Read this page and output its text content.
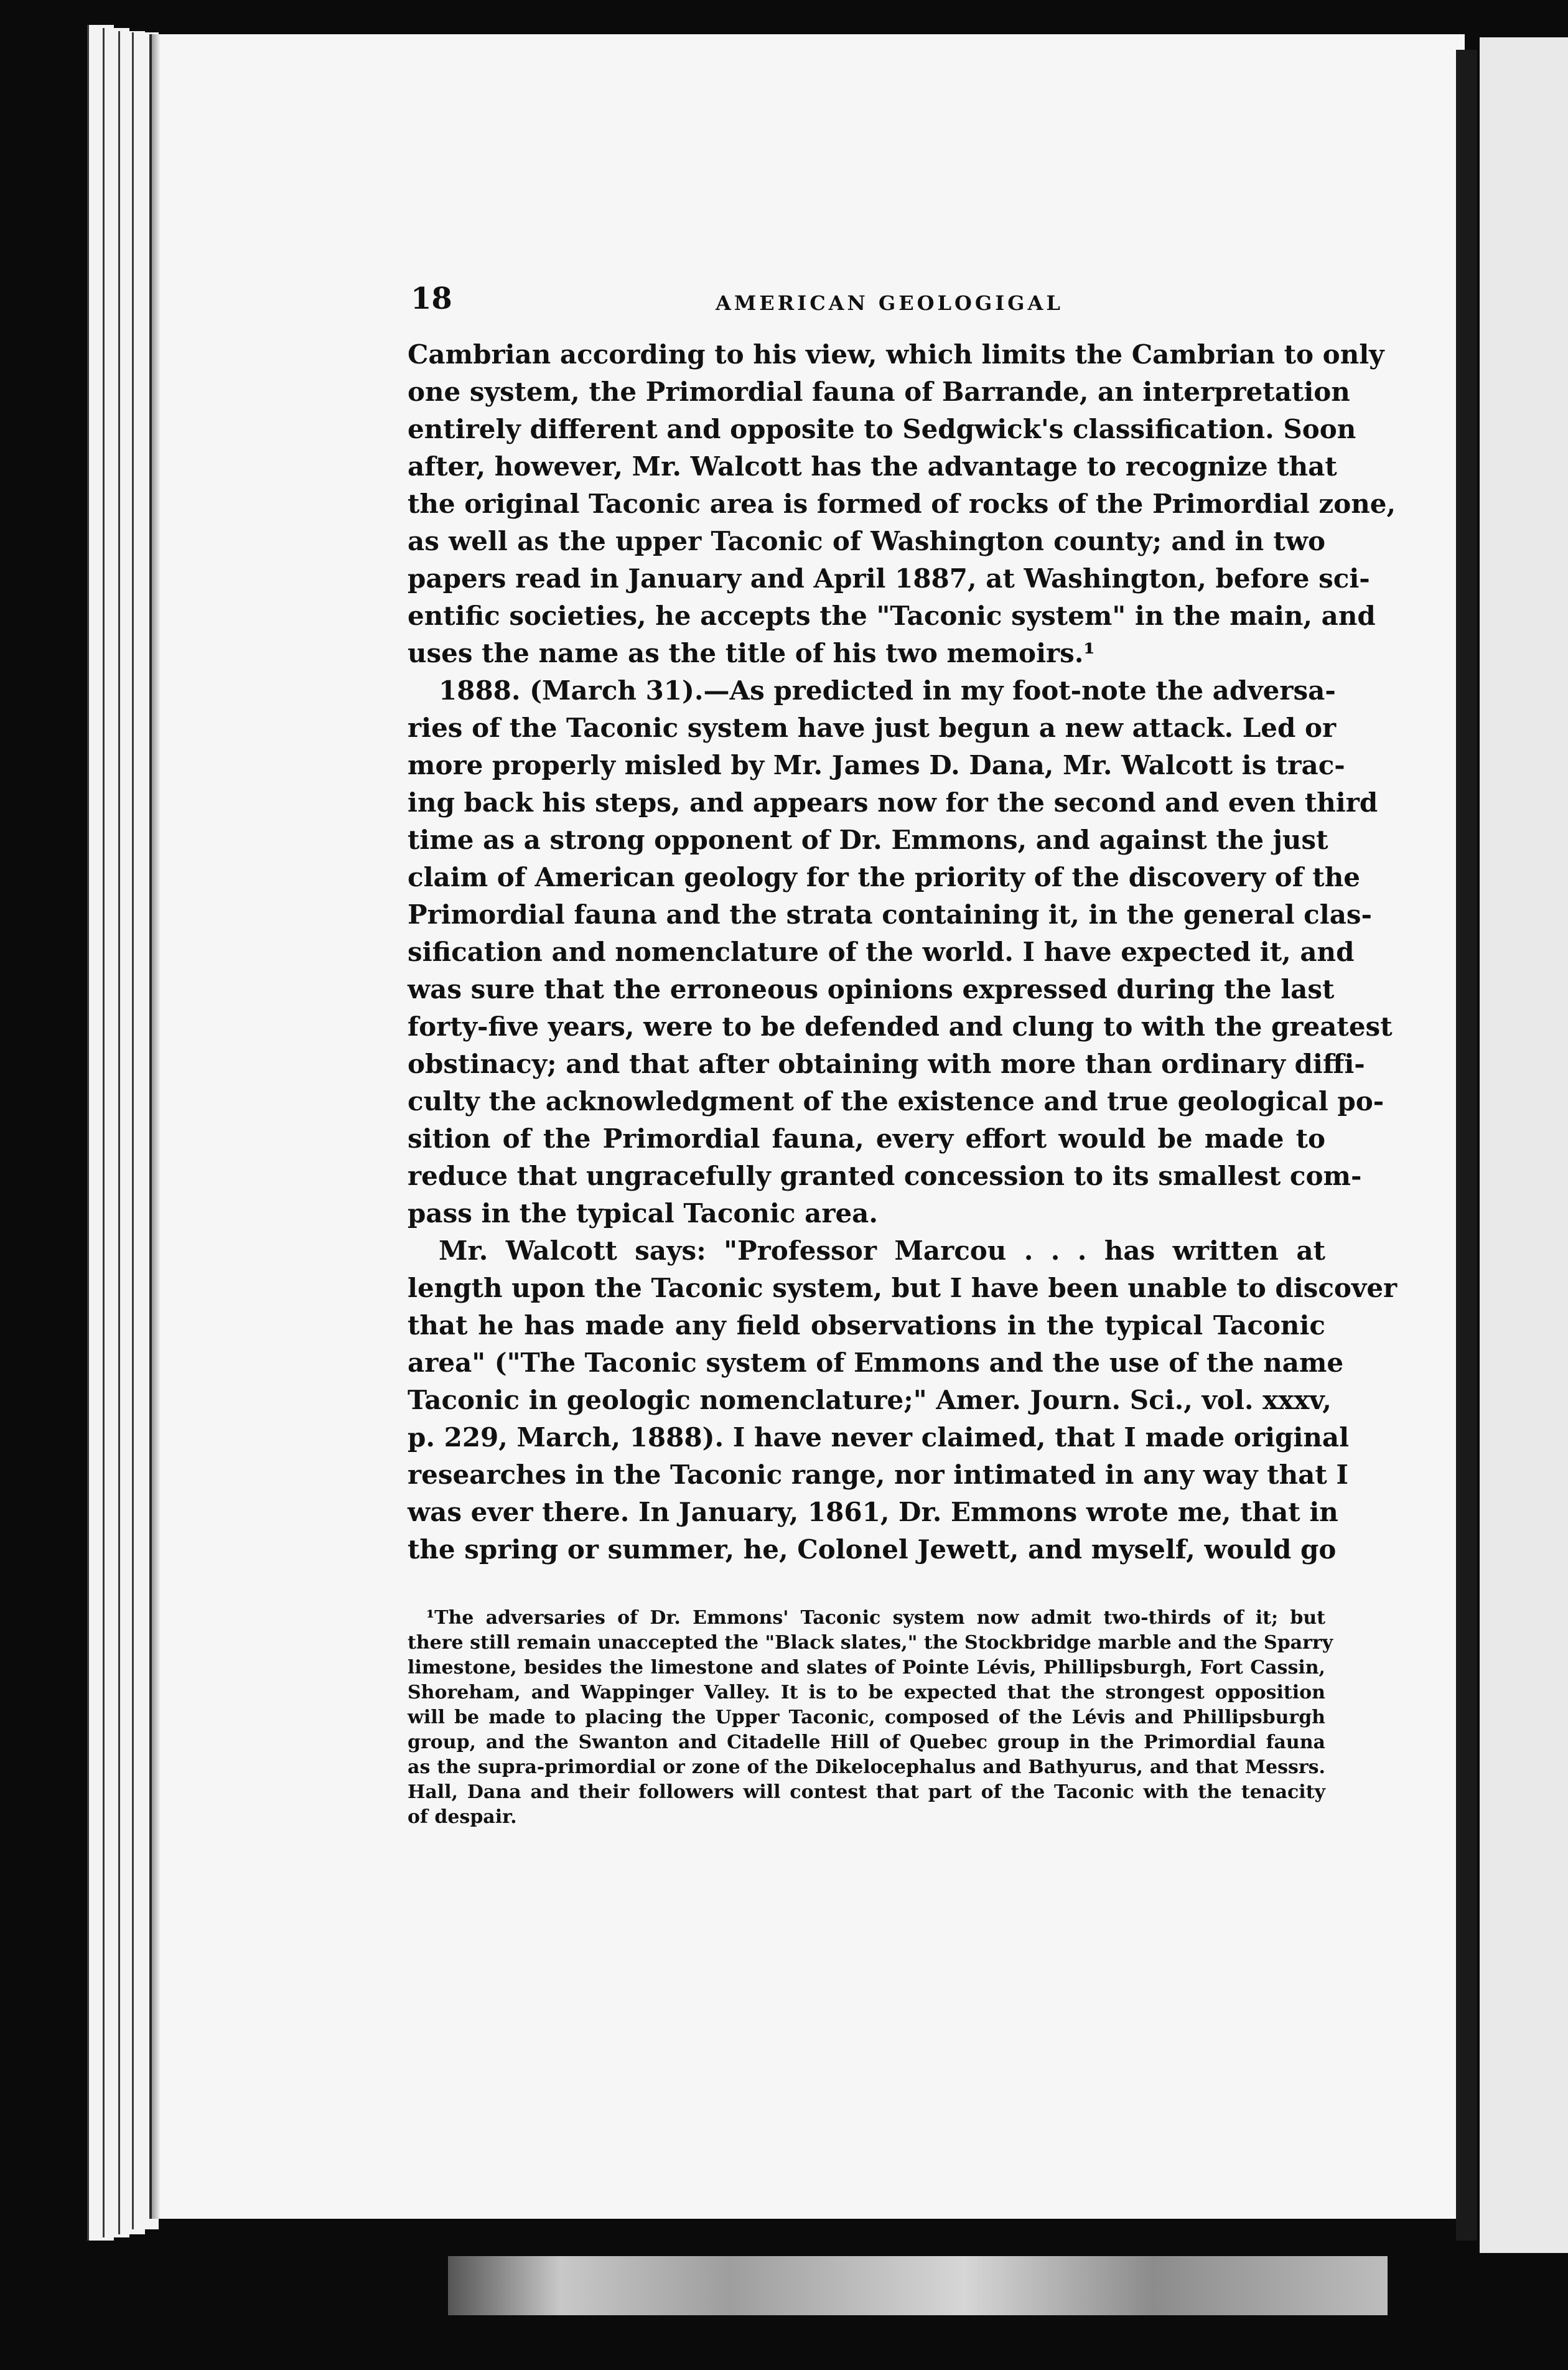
18	AMERICAN GEOLOGIGAL
Cambrian according to his view, which limits the Cambrian to only
one system, the Primordial fauna of Barrande, an interpretation
entirely different and opposite to Sedgwick's classification. Soon
after, however, Mr. Walcott has the advantage to recognize that
the original Taconic area is formed of rocks of the Primordial zone,
as well as the upper Taconic of Washington county; and in two
papers read in January and April 1887, at Washington, before sci-
entific societies, he accepts the "Taconic system" in the main, and
uses the name as the title of his two memoirs.¹
1888. (March 31).—As predicted in my foot-note the adversa-
ries of the Taconic system have just begun a new attack. Led or
more properly misled by Mr. James D. Dana, Mr. Walcott is trac-
ing back his steps, and appears now for the second and even third
time as a strong opponent of Dr. Emmons, and against the just
claim of American geology for the priority of the discovery of the
Primordial fauna and the strata containing it, in the general clas-
sification and nomenclature of the world. I have expected it, and
was sure that the erroneous opinions expressed during the last
forty-five years, were to be defended and clung to with the greatest
obstinacy; and that after obtaining with more than ordinary diffi-
culty the acknowledgment of the existence and true geological po-
sition of the Primordial fauna, every effort would be made to
reduce that ungracefully granted concession to its smallest com-
pass in the typical Taconic area.
Mr. Walcott says: "Professor Marcou . . . has written at
length upon the Taconic system, but I have been unable to discover
that he has made any field observations in the typical Taconic
area" ("The Taconic system of Emmons and the use of the name
Taconic in geologic nomenclature;" Amer. Journ. Sci., vol. xxxv,
p. 229, March, 1888). I have never claimed, that I made original
researches in the Taconic range, nor intimated in any way that I
was ever there. In January, 1861, Dr. Emmons wrote me, that in
the spring or summer, he, Colonel Jewett, and myself, would go
¹The adversaries of Dr. Emmons' Taconic system now admit two-thirds of it; but
there still remain unaccepted the "Black slates," the Stockbridge marble and the Sparry
limestone, besides the limestone and slates of Pointe Lévis, Phillipsburgh, Fort Cassin,
Shoreham, and Wappinger Valley. It is to be expected that the strongest opposition
will be made to placing the Upper Taconic, composed of the Lévis and Phillipsburgh
group, and the Swanton and Citadelle Hill of Quebec group in the Primordial fauna
as the supra-primordial or zone of the Dikelocephalus and Bathyurus, and that Messrs.
Hall, Dana and their followers will contest that part of the Taconic with the tenacity
of despair.
